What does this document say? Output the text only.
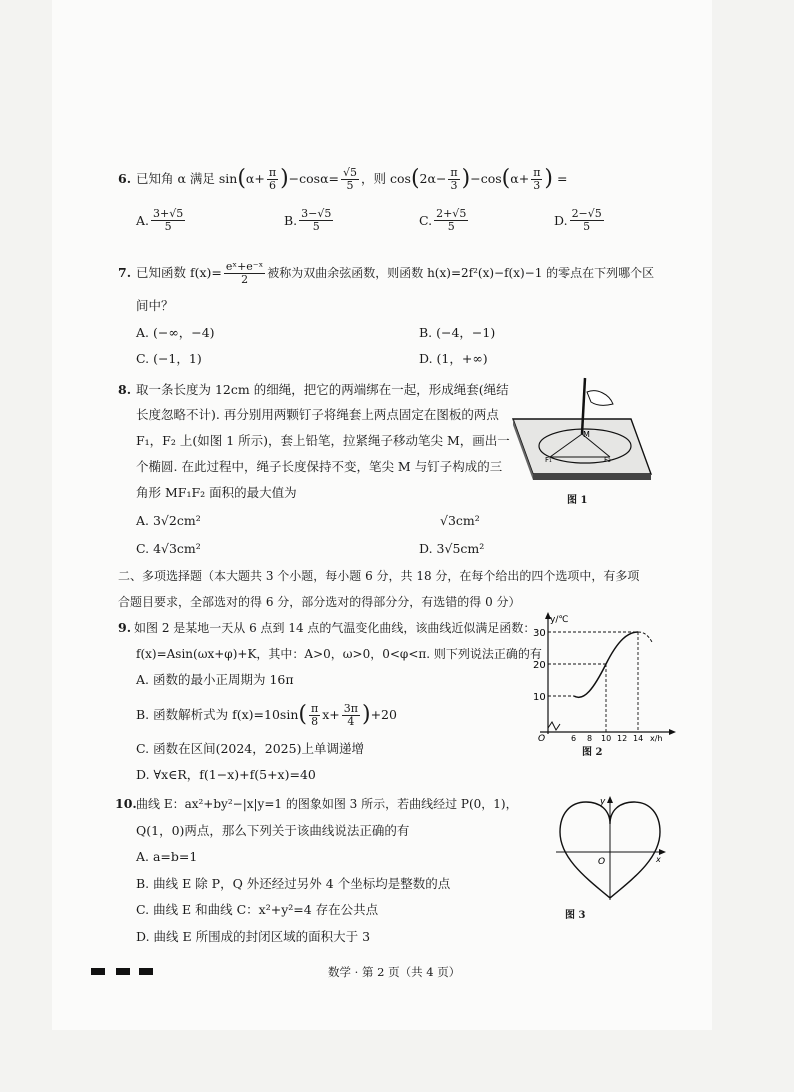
6. 已知角 α 满足 sin ( $\alpha+ \frac{\pi}{6}$ ) $-\cos\alpha= \frac{√5}{5}$ ，则 cos ( $2\alpha- \frac{\pi}{3}$ ) −cos ( $\alpha+ \frac{\pi}{3}$ ) =
A. $\frac{3+√5}{5}$	B. $\frac{3-√5}{5}$	C. $\frac{2+√5}{5}$	D. $\frac{2-√5}{5}$
7. 已知函数 $f(x)= \frac{\text{eˣ+e⁻ˣ}}{2}$ 被称为双曲余弦函数，则函数 h(x)=2f²(x)−f(x)−1 的零点在下列哪个区
间中？
A. (−∞，−4)	B. (−4，−1)
C. (−1，1)	D. (1，+∞)
8. 取一条长度为 12cm 的细绳，把它的两端绑在一起，形成绳套(绳结
长度忽略不计). 再分别用两颗钉子将绳套上两点固定在图板的两点
F₁，F₂ 上(如图 1 所示)，套上铅笔，拉紧绳子移动笔尖 M，画出一
个椭圆. 在此过程中，绳子长度保持不变，笔尖 M 与钉子构成的三
角形 MF₁F₂ 面积的最大值为
M
F₁	F₂
图 1
A. 3√2cm²	√3cm²
C. 4√3cm²	D. 3√5cm²
二、多项选择题（本大题共 3 个小题，每小题 6 分，共 18 分，在每个给出的四个选项中，有多项
合题目要求，全部选对的得 6 分，部分选对的得部分分，有选错的得 0 分）
9. 如图 2 是某地一天从 6 点到 14 点的气温变化曲线，该曲线近似满足函数：
f(x)=Asin(ωx+φ)+K，其中：A>0，ω>0，0<φ<π. 则下列说法正确的有
A. 函数的最小正周期为 16π
B. 函数解析式为 f(x)=10sin ( $\frac{\pi}{8} x+ \frac{3\pi}{4}$ ) +20
C. 函数在区间(2024，2025)上单调递增
D. ∀x∈R，f(1−x)+f(5+x)=40
y/℃
x/h
O
30
20
10
6 8 10 12 14
图 2
10. 曲线 E：ax²+by²−|x|y=1 的图象如图 3 所示，若曲线经过 P(0，1)，
Q(1，0)两点，那么下列关于该曲线说法正确的有
A. a=b=1
B. 曲线 E 除 P，Q 外还经过另外 4 个坐标均是整数的点
C. 曲线 E 和曲线 C：x²+y²=4 存在公共点
D. 曲线 E 所围成的封闭区域的面积大于 3
y
x
O
图 3
数学 · 第 2 页（共 4 页）
